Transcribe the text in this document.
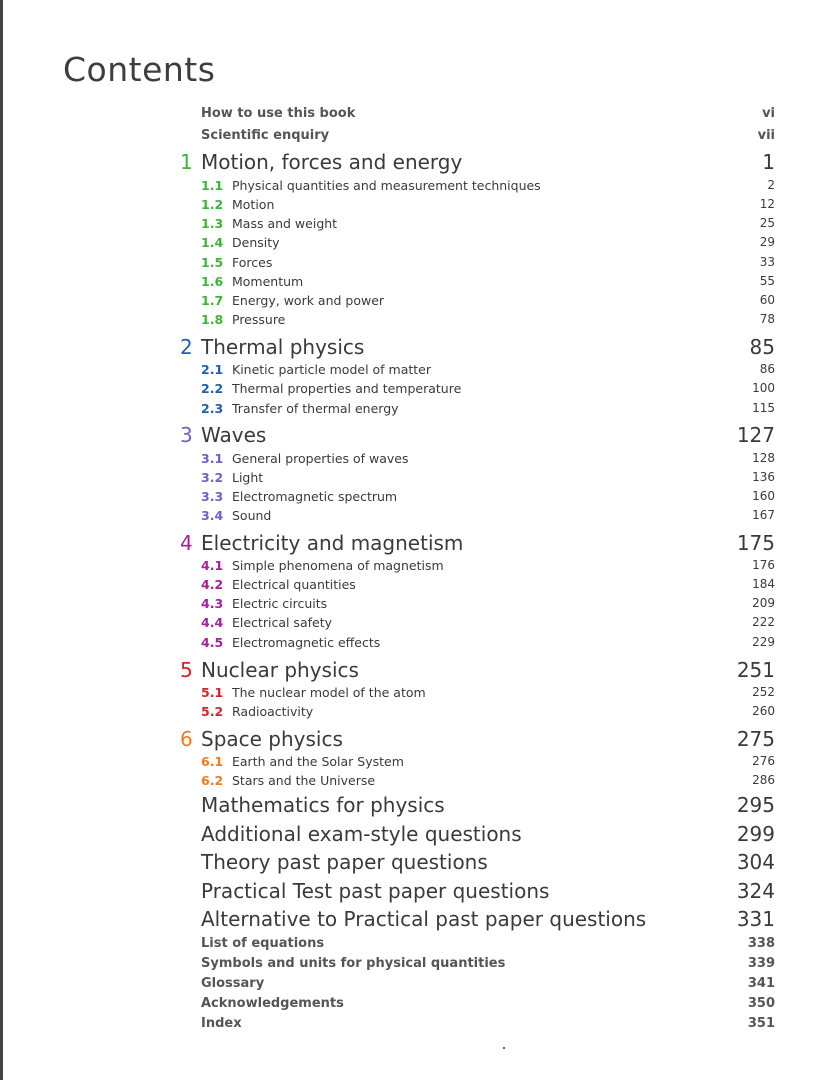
Contents
How to use this book	vi
Scientific enquiry	vii
1 Motion, forces and energy	1
1.1 Physical quantities and measurement techniques	2
1.2 Motion	12
1.3 Mass and weight	25
1.4 Density	29
1.5 Forces	33
1.6 Momentum	55
1.7 Energy, work and power	60
1.8 Pressure	78
2 Thermal physics	85
2.1 Kinetic particle model of matter	86
2.2 Thermal properties and temperature	100
2.3 Transfer of thermal energy	115
3 Waves	127
3.1 General properties of waves	128
3.2 Light	136
3.3 Electromagnetic spectrum	160
3.4 Sound	167
4 Electricity and magnetism	175
4.1 Simple phenomena of magnetism	176
4.2 Electrical quantities	184
4.3 Electric circuits	209
4.4 Electrical safety	222
4.5 Electromagnetic effects	229
5 Nuclear physics	251
5.1 The nuclear model of the atom	252
5.2 Radioactivity	260
6 Space physics	275
6.1 Earth and the Solar System	276
6.2 Stars and the Universe	286
Mathematics for physics	295
Additional exam-style questions	299
Theory past paper questions	304
Practical Test past paper questions	324
Alternative to Practical past paper questions	331
List of equations	338
Symbols and units for physical quantities	339
Glossary	341
Acknowledgements	350
Index	351
